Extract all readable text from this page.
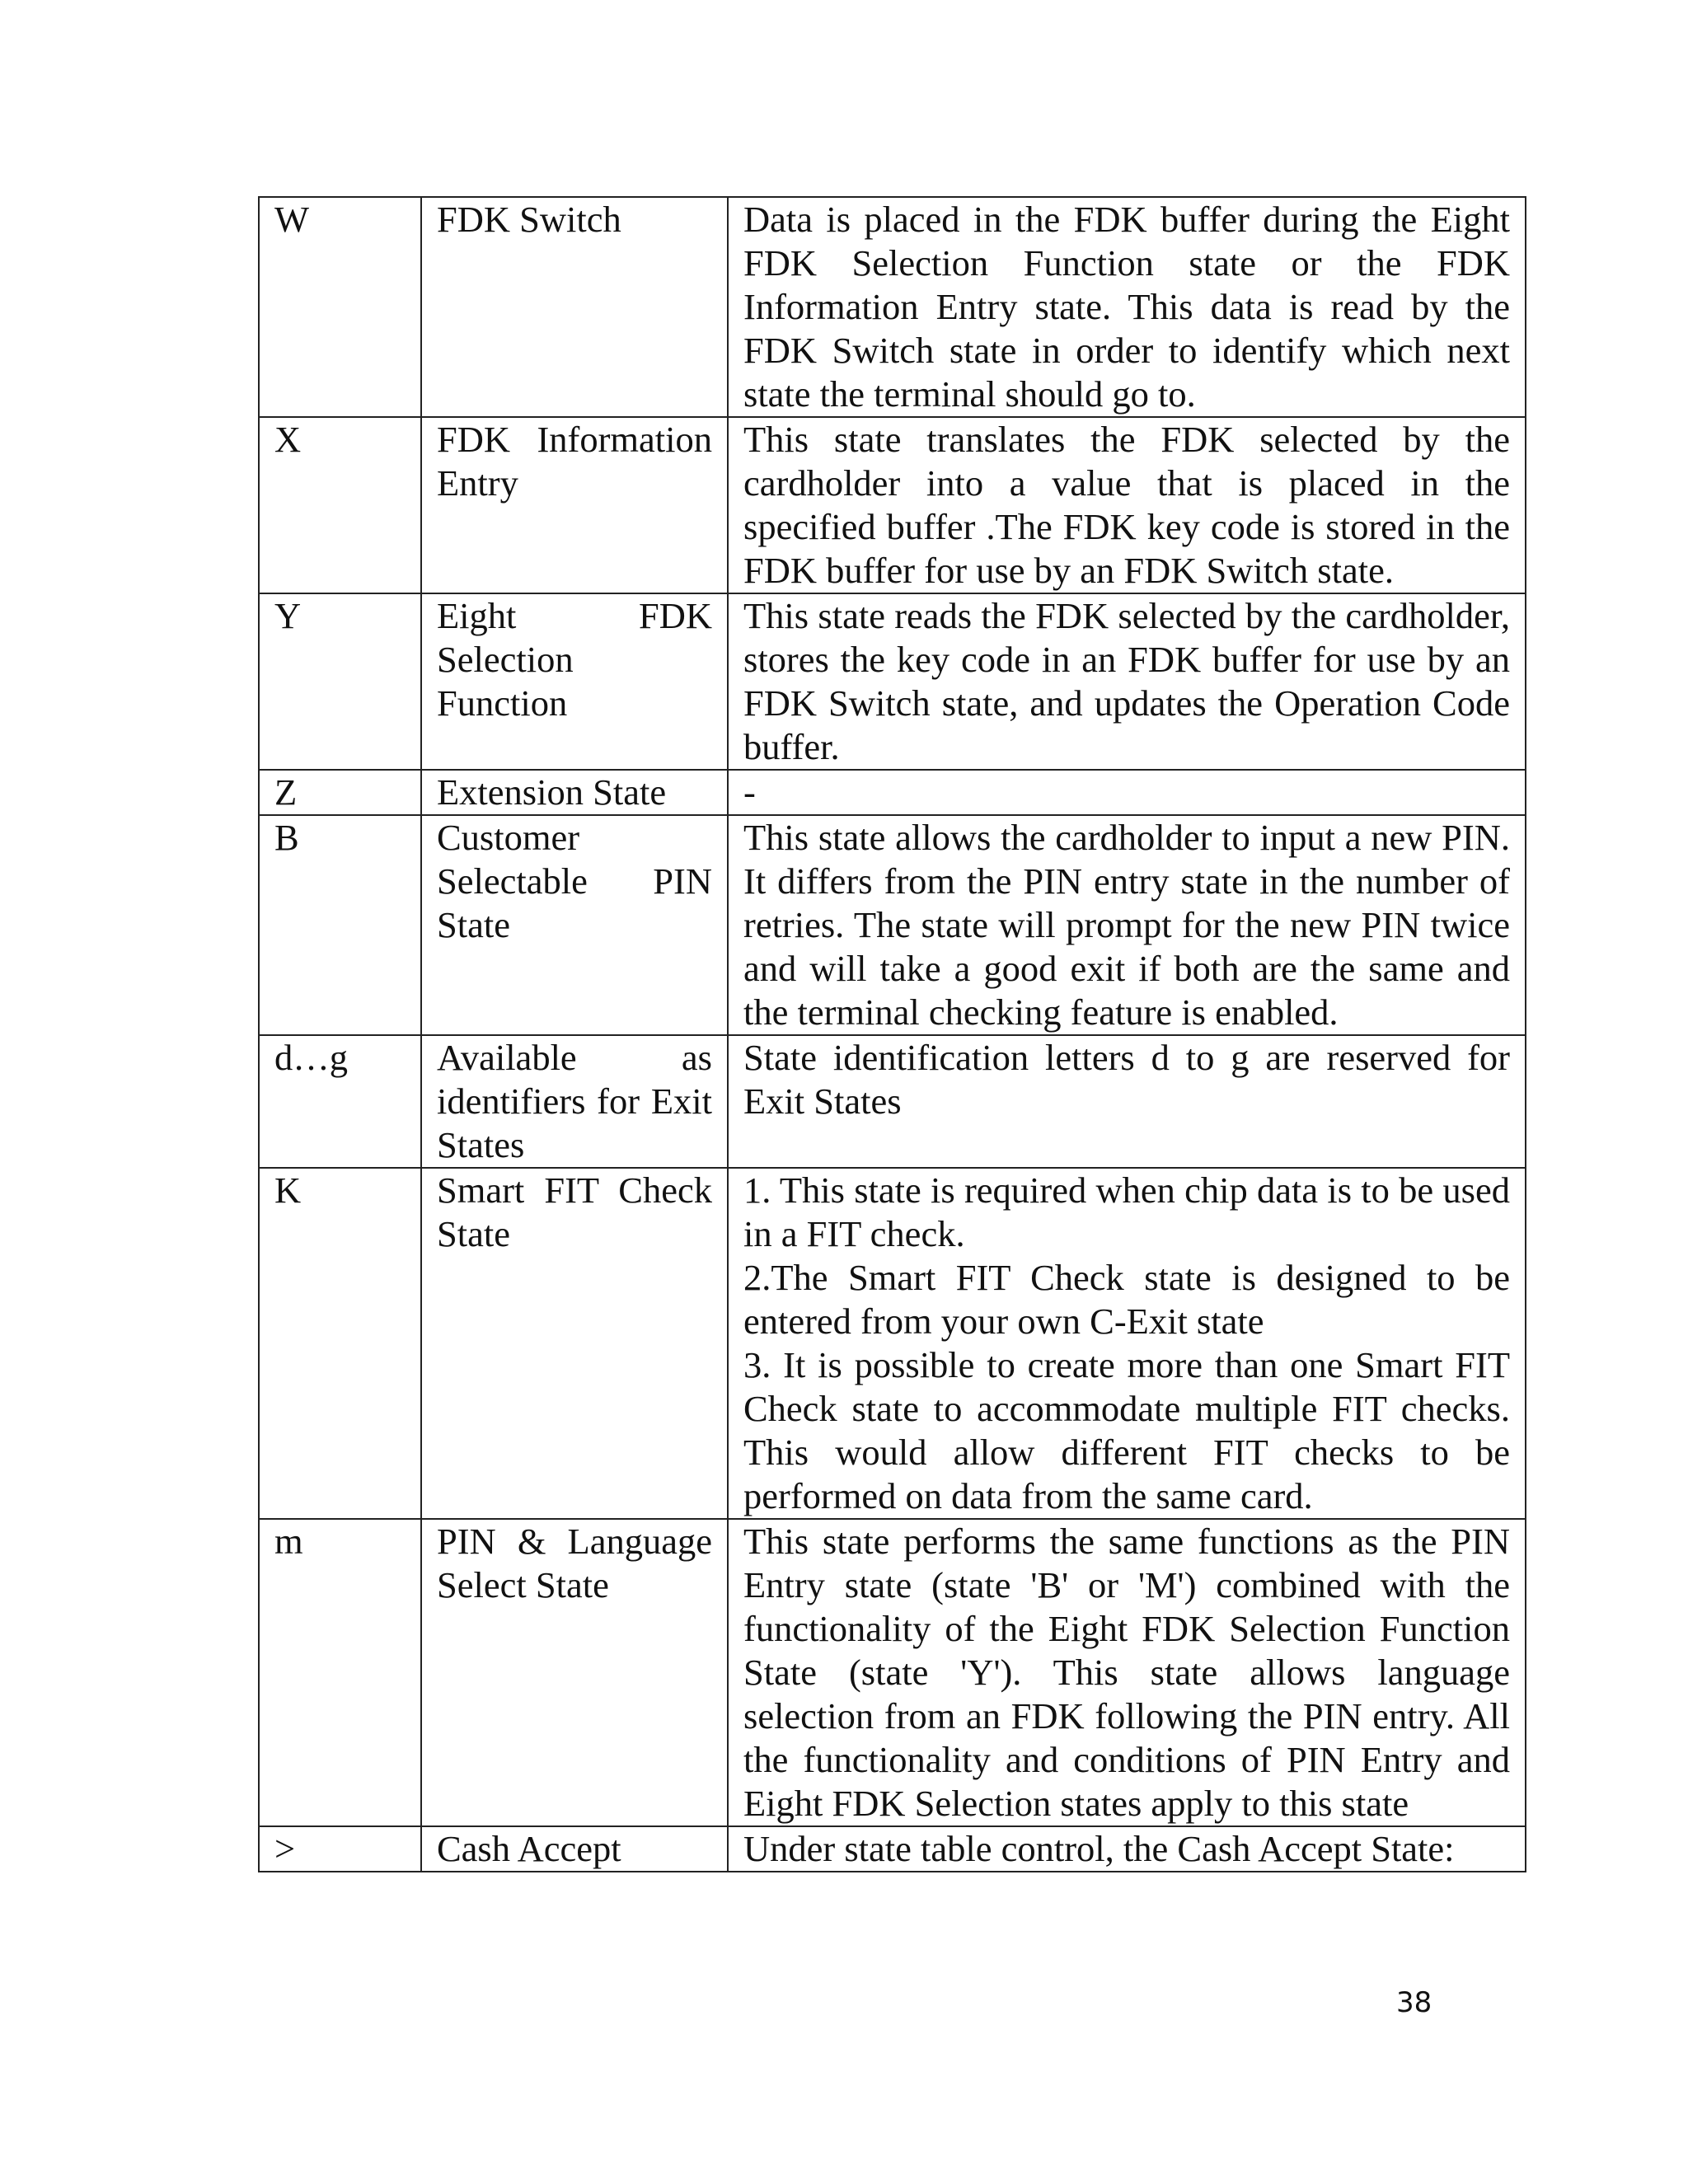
W	FDK Switch	Data is placed in the FDK buffer during the Eight FDK Selection Function state or the FDK Information Entry state. This data is read by the FDK Switch state in order to identify which next state the terminal should go to.

X	FDK Information Entry	This state translates the FDK selected by the cardholder into a value that is placed in the specified buffer .The FDK key code is stored in the FDK buffer for use by an FDK Switch state.

Y	Eight FDK Selection Function	This state reads the FDK selected by the cardholder, stores the key code in an FDK buffer for use by an FDK Switch state, and updates the Operation Code buffer.

Z	Extension State	-

B	Customer Selectable PIN State	This state allows the cardholder to input a new PIN. It differs from the PIN entry state in the number of retries. The state will prompt for the new PIN twice and will take a good exit if both are the same and the terminal checking feature is enabled.

d…g	Available as identifiers for Exit States	State identification letters d to g are reserved for Exit States

K	Smart FIT Check State	1. This state is required when chip data is to be used in a FIT check.
2.The Smart FIT Check state is designed to be entered from your own C-Exit state
3. It is possible to create more than one Smart FIT Check state to accommodate multiple FIT checks. This would allow different FIT checks to be performed on data from the same card.

m	PIN & Language Select State	This state performs the same functions as the PIN Entry state (state 'B' or 'M') combined with the functionality of the Eight FDK Selection Function State (state 'Y'). This state allows language selection from an FDK following the PIN entry. All the functionality and conditions of PIN Entry and Eight FDK Selection states apply to this state

>	Cash Accept	Under state table control, the Cash Accept State:
38
